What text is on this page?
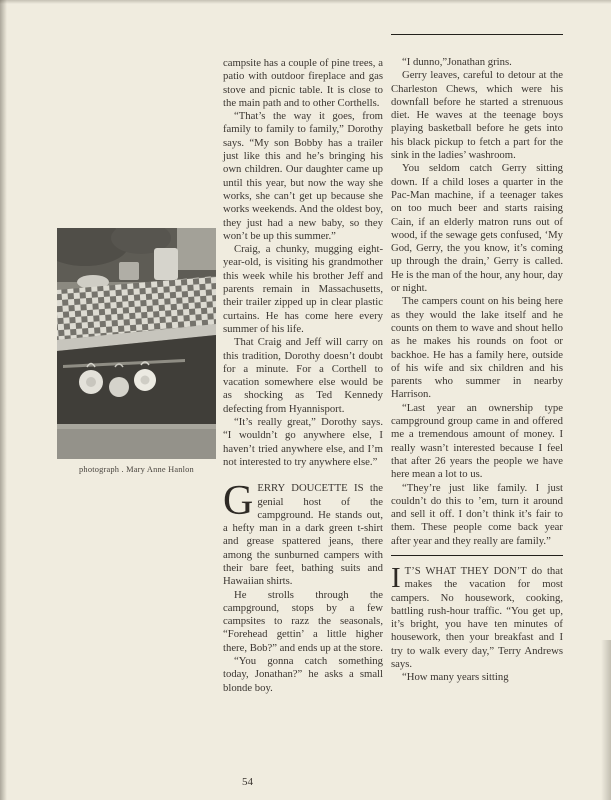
photograph . Mary Anne Hanlon

campsite has a couple of pine trees, a patio with outdoor fireplace and gas stove and picnic table. It is close to the main path and to other Corthells.

“That’s the way it goes, from family to family to family,” Dorothy says. “My son Bobby has a trailer just like this and he’s bringing his own children. Our daughter came up until this year, but now the way she works, she can’t get up because she works weekends. And the oldest boy, they just had a new baby, so they won’t be up this summer.”

Craig, a chunky, mugging eight-year-old, is visiting his grandmother this week while his brother Jeff and parents remain in Massachusetts, their trailer zipped up in clear plastic curtains. He has come here every summer of his life.

That Craig and Jeff will carry on this tradition, Dorothy doesn’t doubt for a minute. For a Corthell to vacation somewhere else would be as shocking as Ted Kennedy defecting from Hyannisport.

“It’s really great,” Dorothy says. “I wouldn’t go anywhere else, I haven’t tried anywhere else, and I’m not interested to try anywhere else.”

GERRY DOUCETTE IS the genial host of the campground. He stands out, a hefty man in a dark green t-shirt and grease spattered jeans, there among the sunburned campers with their bare feet, bathing suits and Hawaiian shirts.

He strolls through the campground, stops by a few campsites to razz the seasonals, “Forehead gettin’ a little higher there, Bob?” and ends up at the store.

“You gonna catch something today, Jonathan?” he asks a small blonde boy.

“I dunno,”Jonathan grins.

Gerry leaves, careful to detour at the Charleston Chews, which were his downfall before he started a strenuous diet. He waves at the teenage boys playing basketball before he gets into his black pickup to fetch a part for the sink in the ladies’ washroom.

You seldom catch Gerry sitting down. If a child loses a quarter in the Pac-Man machine, if a teenager takes on too much beer and starts raising Cain, if an elderly matron runs out of wood, if the sewage gets confused, ‘My God, Gerry, the you know, it’s coming up through the drain,’ Gerry is called. He is the man of the hour, any hour, day or night.

The campers count on his being here as they would the lake itself and he counts on them to wave and shout hello as he makes his rounds on foot or backhoe. He has a family here, outside of his wife and six children and his parents who summer in nearby Harrison.

“Last year an ownership type campground group came in and offered me a tremendous amount of money. I really wasn’t interested because I feel that after 26 years the people we have here mean a lot to us.

“They’re just like family. I just couldn’t do this to ’em, turn it around and sell it off. I don’t think it’s fair to them. These people come back year after year and they really are family.”

I T’S WHAT THEY DON’T do that makes the vacation for most campers. No housework, cooking, battling rush-hour traffic. “You get up, it’s bright, you have ten minutes of housework, then your breakfast and I try to walk every day,” Terry Andrews says.

“How many years sitting

54
